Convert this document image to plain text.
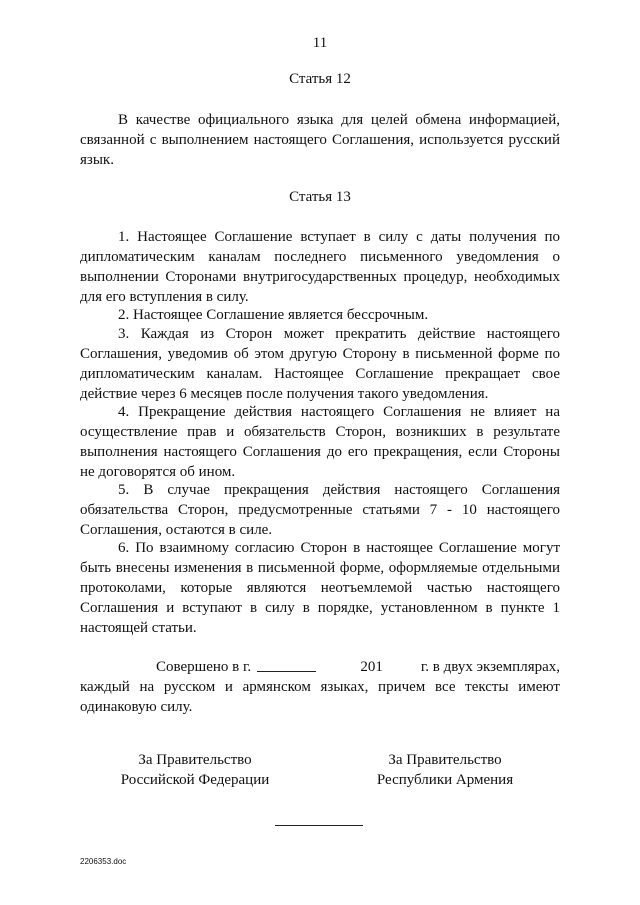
11
Статья 12
В качестве официального языка для целей обмена информацией, связанной с выполнением настоящего Соглашения, используется русский язык.
Статья 13
1. Настоящее Соглашение вступает в силу с даты получения по дипломатическим каналам последнего письменного уведомления о выполнении Сторонами внутригосударственных процедур, необходимых для его вступления в силу.
2. Настоящее Соглашение является бессрочным.
3. Каждая из Сторон может прекратить действие настоящего Соглашения, уведомив об этом другую Сторону в письменной форме по дипломатическим каналам. Настоящее Соглашение прекращает свое действие через 6 месяцев после получения такого уведомления.
4. Прекращение действия настоящего Соглашения не влияет на осуществление прав и обязательств Сторон, возникших в результате выполнения настоящего Соглашения до его прекращения, если Стороны не договорятся об ином.
5. В случае прекращения действия настоящего Соглашения обязательства Сторон, предусмотренные статьями 7 - 10 настоящего Соглашения, остаются в силе.
6. По взаимному согласию Сторон в настоящее Соглашение могут быть внесены изменения в письменной форме, оформляемые отдельными протоколами, которые являются неотъемлемой частью настоящего Соглашения и вступают в силу в порядке, установленном в пункте 1 настоящей статьи.
Совершено в г.	201	г. в двух экземплярах,
каждый на русском и армянском языках, причем все тексты имеют одинаковую силу.
За Правительство
Российской Федерации
За Правительство
Республики Армения
2206353.doc
